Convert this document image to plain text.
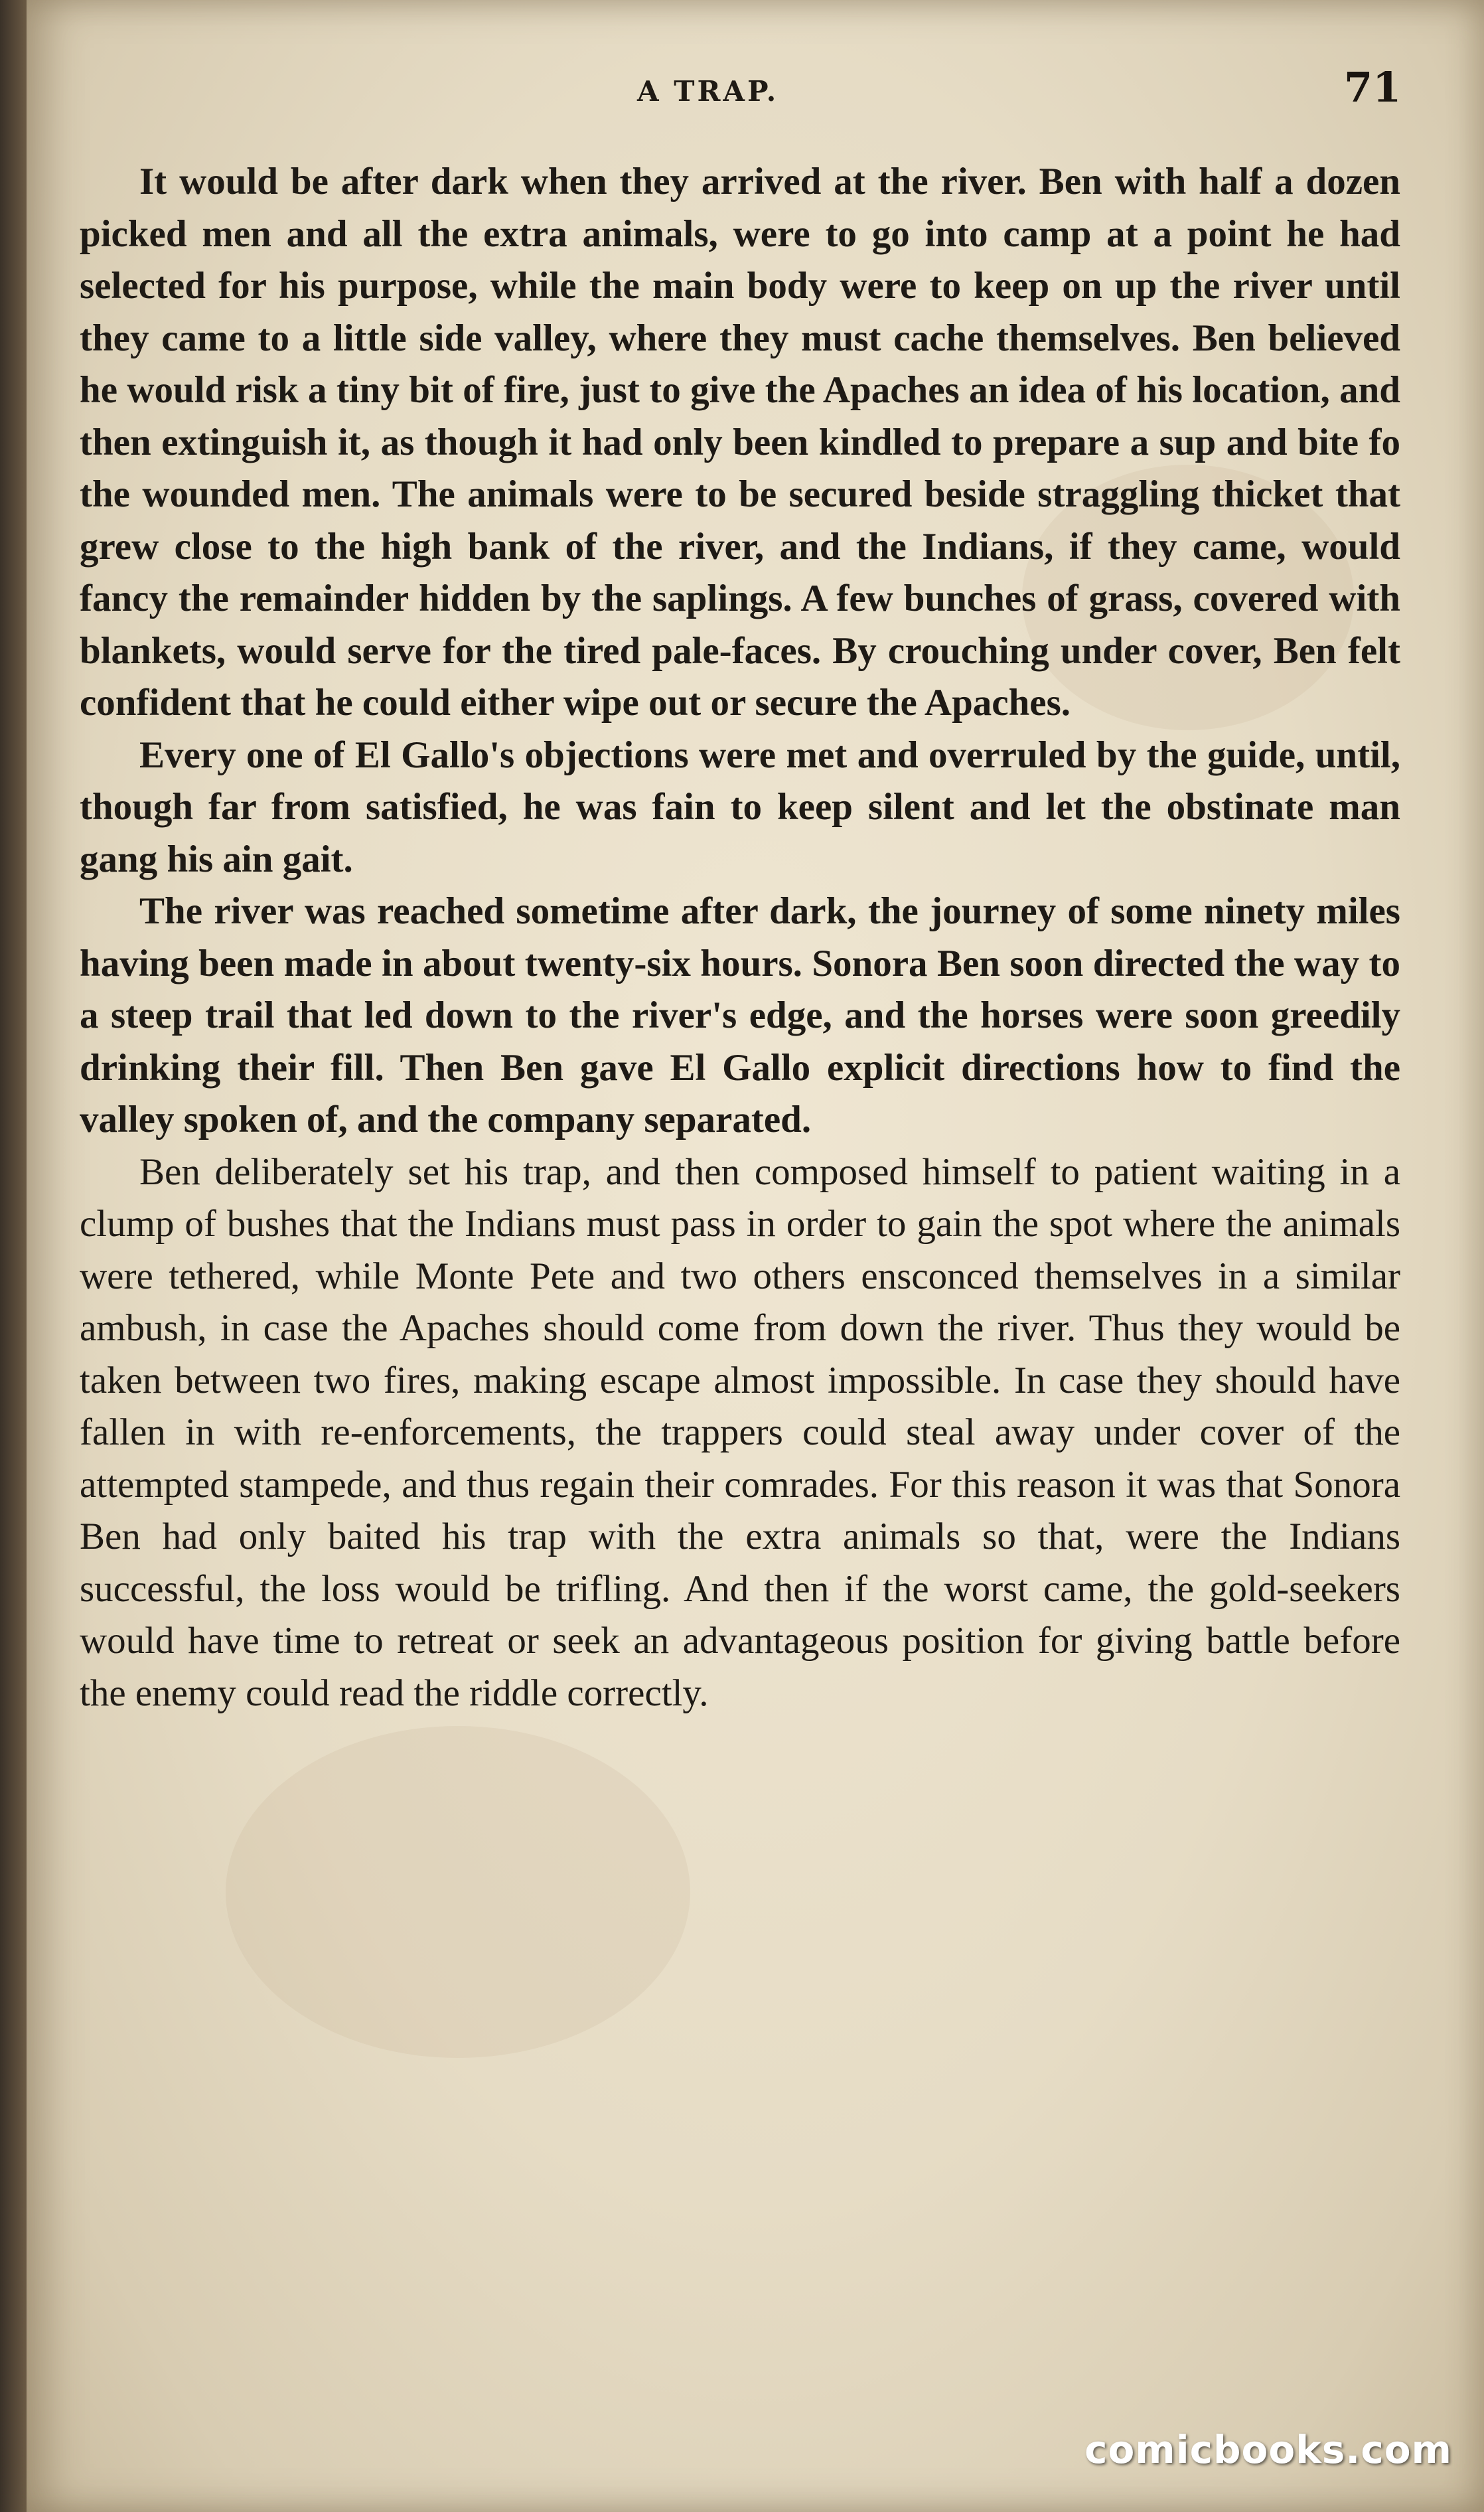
A TRAP.	71

It would be after dark when they arrived at the river. Ben with half a dozen picked men and all the extra animals, were to go into camp at a point he had selected for his purpose, while the main body were to keep on up the river until they came to a little side valley, where they must cache themselves. Ben believed he would risk a tiny bit of fire, just to give the Apaches an idea of his location, and then extinguish it, as though it had only been kindled to prepare a sup and bite fo the wounded men. The animals were to be secured beside straggling thicket that grew close to the high bank of the river, and the Indians, if they came, would fancy the remainder hidden by the saplings. A few bunches of grass, covered with blankets, would serve for the tired pale-faces. By crouching under cover, Ben felt confident that he could either wipe out or secure the Apaches.

Every one of El Gallo's objections were met and overruled by the guide, until, though far from satisfied, he was fain to keep silent and let the obstinate man gang his ain gait.

The river was reached sometime after dark, the journey of some ninety miles having been made in about twenty-six hours. Sonora Ben soon directed the way to a steep trail that led down to the river's edge, and the horses were soon greedily drinking their fill. Then Ben gave El Gallo explicit directions how to find the valley spoken of, and the company separated.

Ben deliberately set his trap, and then composed himself to patient waiting in a clump of bushes that the Indians must pass in order to gain the spot where the animals were tethered, while Monte Pete and two others ensconced themselves in a similar ambush, in case the Apaches should come from down the river. Thus they would be taken between two fires, making escape almost impossible. In case they should have fallen in with re-enforcements, the trappers could steal away under cover of the attempted stampede, and thus regain their comrades. For this reason it was that Sonora Ben had only baited his trap with the extra animals so that, were the Indians successful, the loss would be trifling. And then if the worst came, the gold-seekers would have time to retreat or seek an advantageous position for giving battle before the enemy could read the riddle correctly.

comicbooks.com
